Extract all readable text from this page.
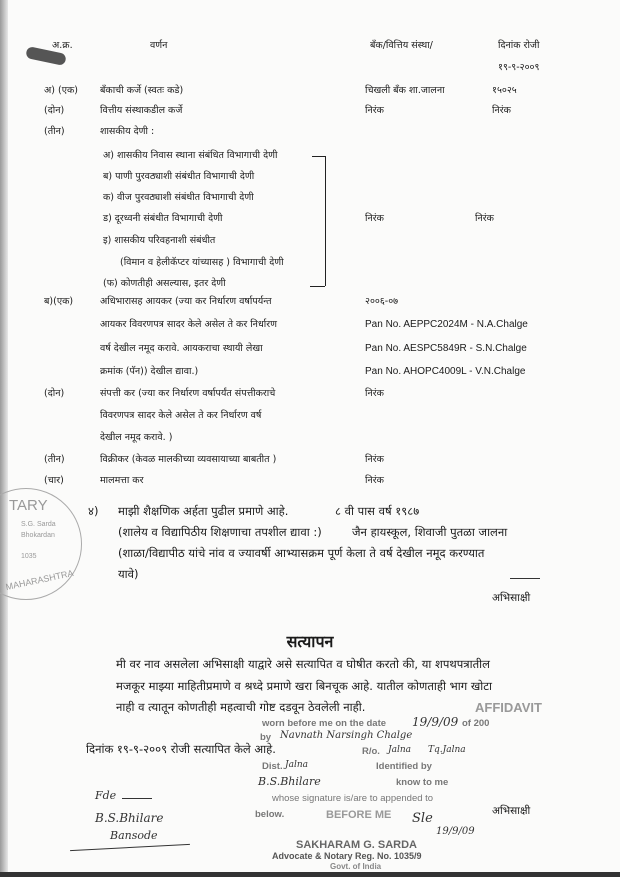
अ.क्र.	वर्णन	बँक/वित्तिय संस्था/	दिनांक रोजी
१९-९-२००९
अ) (एक) बँकाची कर्जे (स्वतः कडे)	चिखली बँक शा.जालना	१५०२५
(दोन)	वित्तीय संस्थाकडील कर्जे	निरंक	निरंक
(तीन)	शासकीय देणी :
अ) शासकीय निवास स्थाना संबंधित विभागाची देणी
ब) पाणी पुरवठ्याशी संबंधीत विभागाची देणी
क) वीज पुरवठ्याशी संबंधीत विभागाची देणी
ड) दूरध्वनी संबंधीत विभागाची देणी
इ) शासकीय परिवहनाशी संबंधीत
(विमान व हेलीकॅप्टर यांच्यासह ) विभागाची देणी
(फ) कोणतीही असल्यास, इतर देणी
निरंक	निरंक
ब)(एक)	अधिभारासह आयकर (ज्या कर निर्धारण वर्षापर्यन्त
आयकर विवरणपत्र सादर केले असेल ते कर निर्धारण
वर्ष देखील नमूद करावे. आयकराचा स्थायी लेखा
क्रमांक (पॅन)) देखील द्यावा.)
२००६-०७
Pan No. AEPPC2024M - N.A.Chalge
Pan No. AESPC5849R - S.N.Chalge
Pan No. AHOPC4009L - V.N.Chalge
(दोन)	संपत्ती कर (ज्या कर निर्धारण वर्षापर्यंत संपत्तीकराचे
विवरणपत्र सादर केले असेल ते कर निर्धारण वर्ष
देखील नमूद करावे. )
निरंक
(तीन)	विक्रीकर (केवळ मालकीच्या व्यवसायाच्या बाबतीत )	निरंक
(चार)	मालमत्ता कर	निरंक
TARY
S.G. Sarda
Bhokardan
1035
MAHARASHTRA
४) माझी शैक्षणिक अर्हता पुढील प्रमाणे आहे.	८ वी पास वर्ष १९८७
(शालेय व विद्यापिठीय शिक्षणाचा तपशील द्यावा :)	जैन हायस्कूल, शिवाजी पुतळा जालना
(शाळा/विद्यापीठ यांचे नांव व ज्यावर्षी आभ्यासक्रम पूर्ण केला ते वर्ष देखील नमूद करण्यात
यावे)
अभिसाक्षी
सत्यापन
मी वर नाव असलेला अभिसाक्षी याद्वारे असे सत्यापित व घोषीत करतो की, या शपथपत्रातील
मजकूर माझ्या माहितीप्रमाणे व श्रध्दे प्रमाणे खरा बिनचूक आहे. यातील कोणताही भाग खोटा
नाही व त्यातून कोणतीही महत्वाची गोष्ट दडवून ठेवलेली नाही.	AFFIDAVIT
worn before me on the date 19/9/09 of 200
by Navnath Narsingh Chalge
R/o. Jalna Tq.Jalna
Dist. Jalna	Identified by
B.S.Bhilare	know to me
whose signature is/are to appended to
below.	BEFORE ME Sle
19/9/09
SAKHARAM G. SARDA
Advocate & Notary Reg. No. 1035/9
Govt. of India
दिनांक १९-९-२००९ रोजी सत्यापित केले आहे.
अभिसाक्षी
Fde
B.S.Bhilare
Bansode
